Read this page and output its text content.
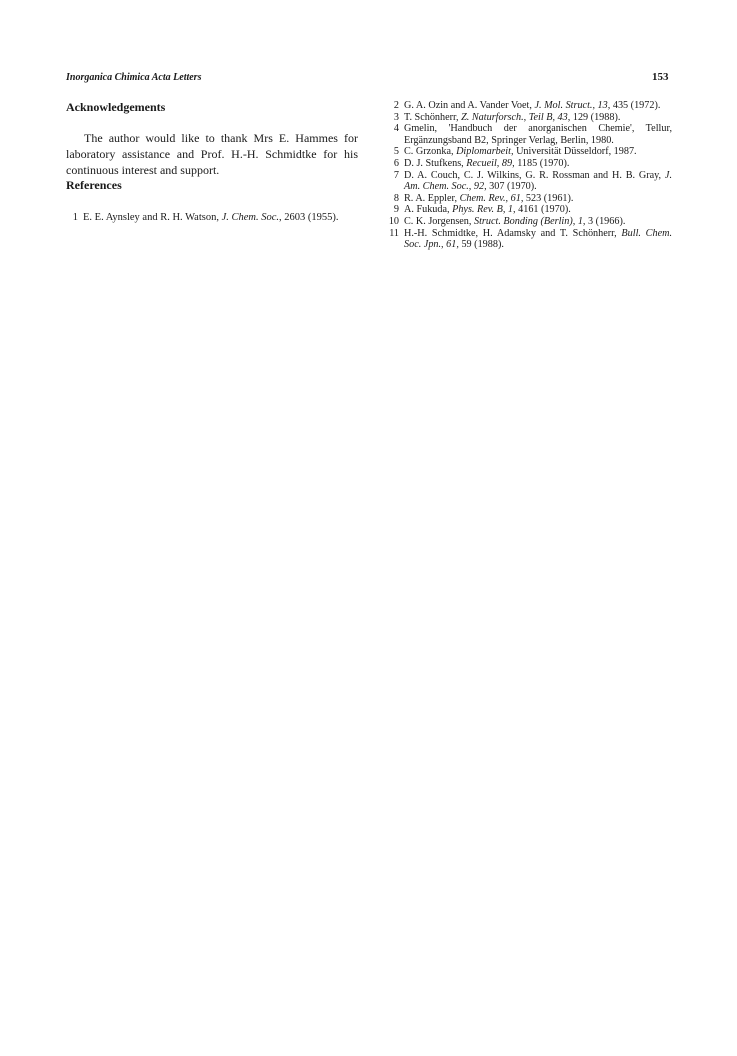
Inorganica Chimica Acta Letters	153
Acknowledgements

The author would like to thank Mrs E. Hammes for laboratory assistance and Prof. H.-H. Schmidtke for his continuous interest and support.

References
1 E. E. Aynsley and R. H. Watson, J. Chem. Soc., 2603 (1955).
2 G. A. Ozin and A. Vander Voet, J. Mol. Struct., 13, 435 (1972).
3 T. Schönherr, Z. Naturforsch., Teil B, 43, 129 (1988).
4 Gmelin, 'Handbuch der anorganischen Chemie', Tellur, Ergänzungsband B2, Springer Verlag, Berlin, 1980.
5 C. Grzonka, Diplomarbeit, Universität Düsseldorf, 1987.
6 D. J. Stufkens, Recueil, 89, 1185 (1970).
7 D. A. Couch, C. J. Wilkins, G. R. Rossman and H. B. Gray, J. Am. Chem. Soc., 92, 307 (1970).
8 R. A. Eppler, Chem. Rev., 61, 523 (1961).
9 A. Fukuda, Phys. Rev. B, 1, 4161 (1970).
10 C. K. Jorgensen, Struct. Bonding (Berlin), 1, 3 (1966).
11 H.-H. Schmidtke, H. Adamsky and T. Schönherr, Bull. Chem. Soc. Jpn., 61, 59 (1988).
